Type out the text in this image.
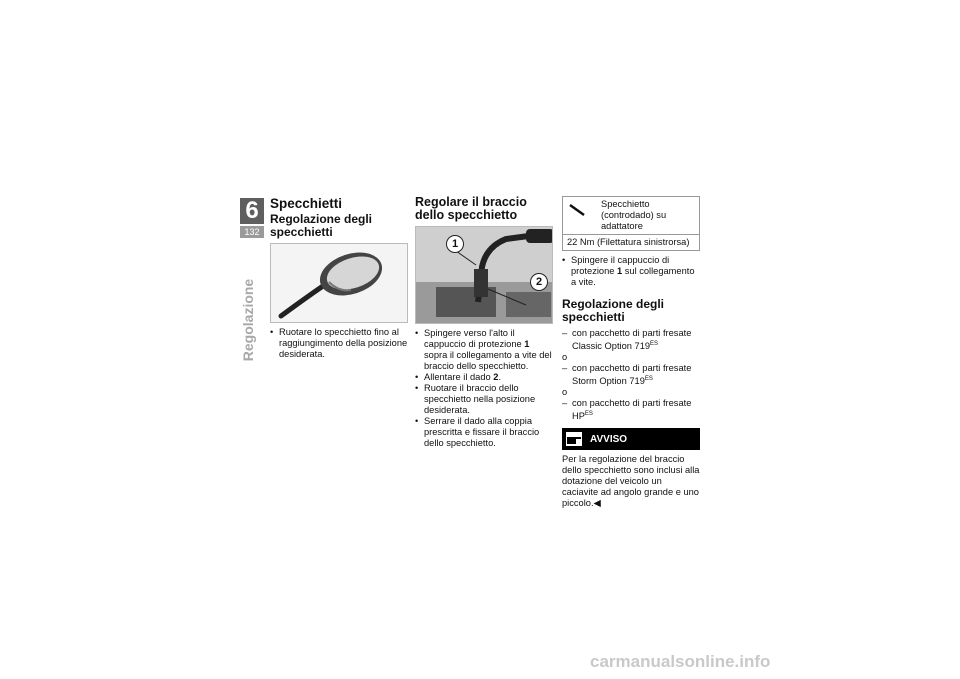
6
132
Regolazione
Specchietti
Regolazione degli specchietti
• Ruotare lo specchietto fino al raggiungimento della posizione desiderata.
Regolare il braccio dello specchietto
1
2
• Spingere verso l'alto il cappuccio di protezione 1 sopra il collegamento a vite del braccio dello specchietto.
• Allentare il dado 2.
• Ruotare il braccio dello specchietto nella posizione desiderata.
• Serrare il dado alla coppia prescritta e fissare il braccio dello specchietto.
	Specchietto (controdado) su adattatore
22 Nm (Filettatura sinistrorsa)
• Spingere il cappuccio di protezione 1 sul collegamento a vite.
Regolazione degli specchietti
– con pacchetto di parti fresate Classic Option $719^{ES}$
o
– con pacchetto di parti fresate Storm Option $719^{ES}$
o
– con pacchetto di parti fresate $HP^{ES}$
AVVISO
Per la regolazione del braccio dello specchietto sono inclusi alla dotazione del veicolo un caciavite ad angolo grande e uno piccolo.◀
carmanualsonline.info
